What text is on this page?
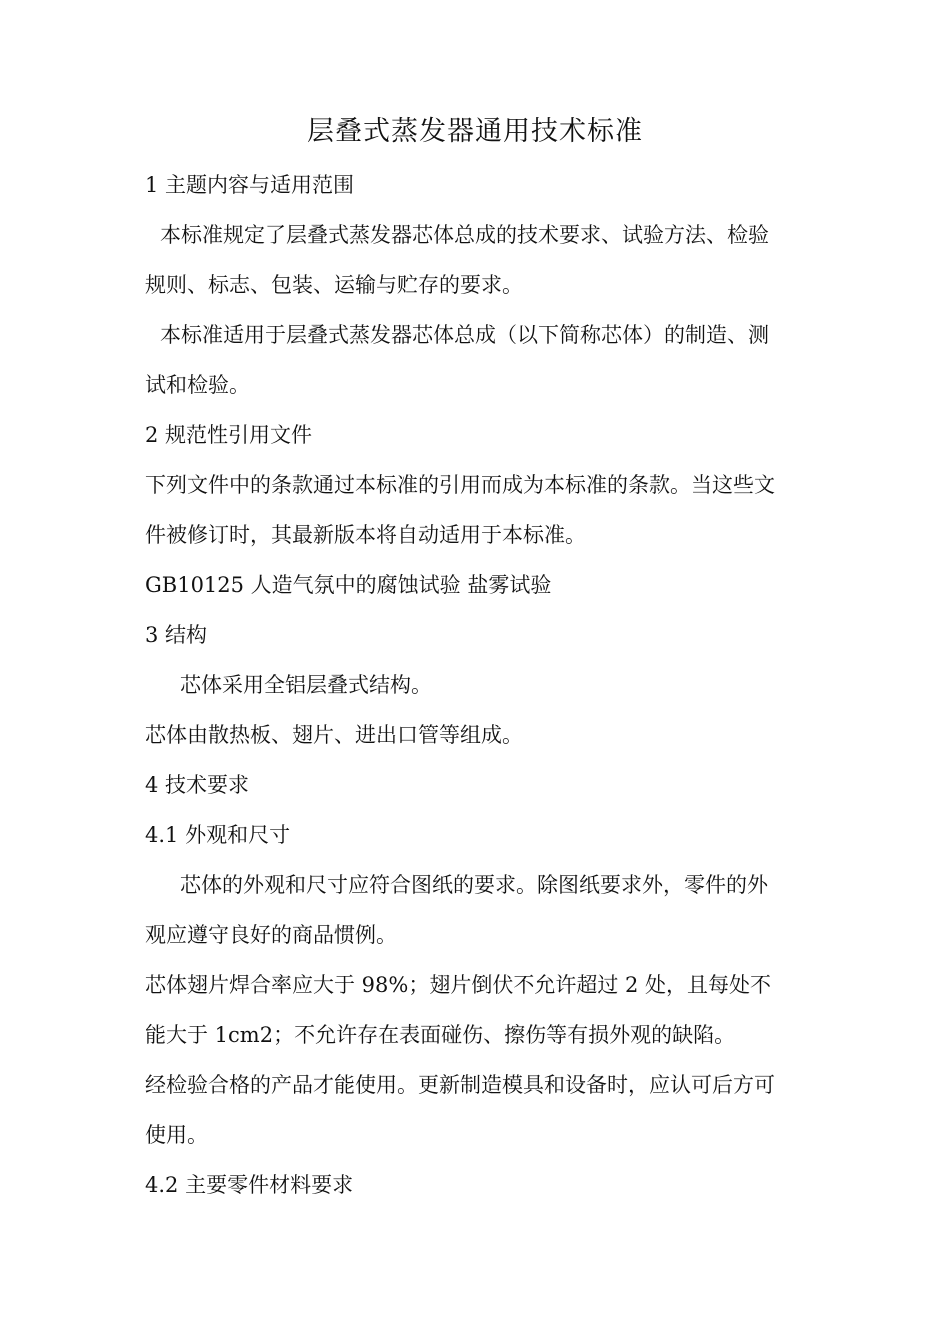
层叠式蒸发器通用技术标准

1 主题内容与适用范围

本标准规定了层叠式蒸发器芯体总成的技术要求、试验方法、检验

规则、标志、包装、运输与贮存的要求。

本标准适用于层叠式蒸发器芯体总成（以下简称芯体）的制造、测

试和检验。

2 规范性引用文件

下列文件中的条款通过本标准的引用而成为本标准的条款。当这些文

件被修订时，其最新版本将自动适用于本标准。

GB10125 人造气氛中的腐蚀试验 盐雾试验

3 结构

芯体采用全铝层叠式结构。

芯体由散热板、翅片、进出口管等组成。

4 技术要求

4.1 外观和尺寸

芯体的外观和尺寸应符合图纸的要求。除图纸要求外，零件的外

观应遵守良好的商品惯例。

芯体翅片焊合率应大于 98%；翅片倒伏不允许超过 2 处，且每处不

能大于 1cm2；不允许存在表面碰伤、擦伤等有损外观的缺陷。

经检验合格的产品才能使用。更新制造模具和设备时，应认可后方可

使用。

4.2 主要零件材料要求
